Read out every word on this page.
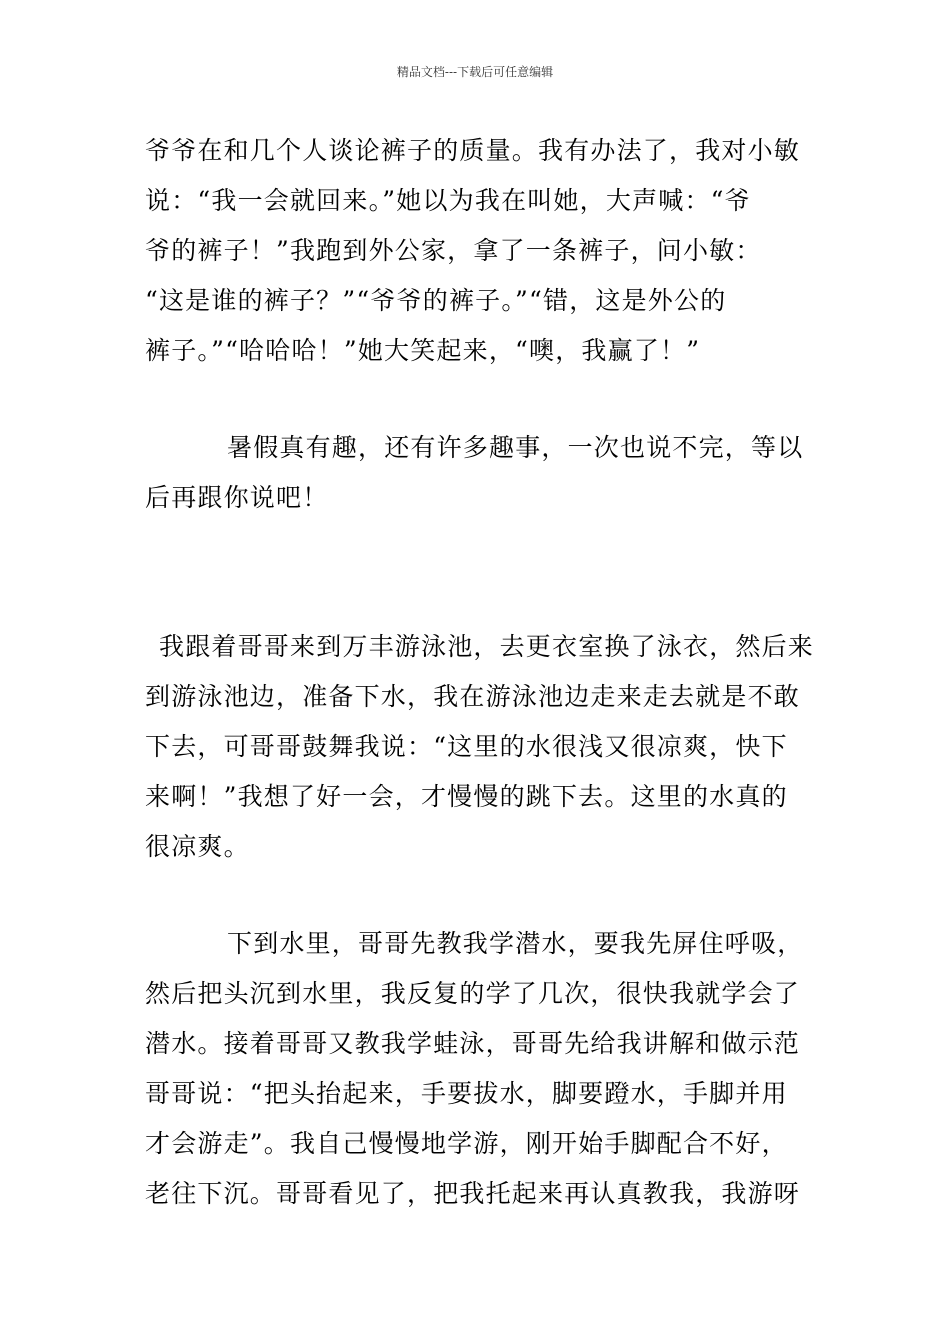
精品文档---下载后可任意编辑
爷爷在和几个人谈论裤子的质量。我有办法了，我对小敏
说：“我一会就回来。”她以为我在叫她，大声喊：“爷
爷的裤子！”我跑到外公家，拿了一条裤子，问小敏：
“这是谁的裤子？”“爷爷的裤子。”“错，这是外公的
裤子。”“哈哈哈！”她大笑起来，“噢，我赢了！”
暑假真有趣，还有许多趣事，一次也说不完，等以
后再跟你说吧！
我跟着哥哥来到万丰游泳池，去更衣室换了泳衣，然后来
到游泳池边，准备下水，我在游泳池边走来走去就是不敢
下去，可哥哥鼓舞我说：“这里的水很浅又很凉爽，快下
来啊！”我想了好一会，才慢慢的跳下去。这里的水真的
很凉爽。
下到水里，哥哥先教我学潜水，要我先屏住呼吸，
然后把头沉到水里，我反复的学了几次，很快我就学会了
潜水。接着哥哥又教我学蛙泳，哥哥先给我讲解和做示范
哥哥说：“把头抬起来，手要拔水，脚要蹬水，手脚并用
才会游走”。我自己慢慢地学游，刚开始手脚配合不好，
老往下沉。哥哥看见了，把我托起来再认真教我，我游呀
